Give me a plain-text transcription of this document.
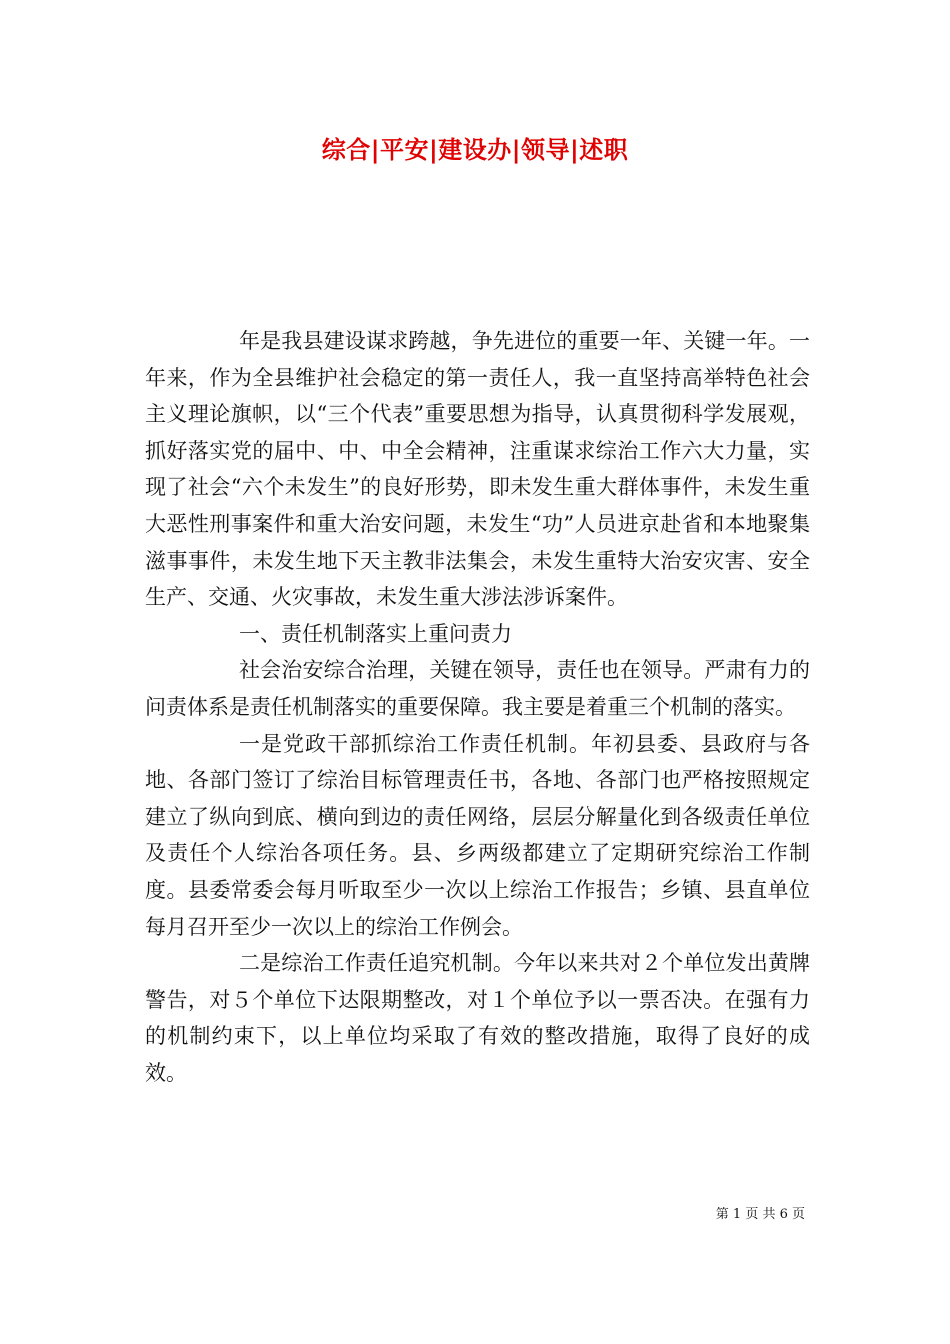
综合|平安|建设办|领导|述职

年是我县建设谋求跨越，争先进位的重要一年、关键一年。一年来，作为全县维护社会稳定的第一责任人，我一直坚持高举特色社会主义理论旗帜，以“三个代表”重要思想为指导，认真贯彻科学发展观，抓好落实党的届中、中、中全会精神，注重谋求综治工作六大力量，实现了社会“六个未发生”的良好形势，即未发生重大群体事件，未发生重大恶性刑事案件和重大治安问题，未发生“功”人员进京赴省和本地聚集滋事事件，未发生地下天主教非法集会，未发生重特大治安灾害、安全生产、交通、火灾事故，未发生重大涉法涉诉案件。

一、责任机制落实上重问责力

社会治安综合治理，关键在领导，责任也在领导。严肃有力的问责体系是责任机制落实的重要保障。我主要是着重三个机制的落实。

一是党政干部抓综治工作责任机制。年初县委、县政府与各地、各部门签订了综治目标管理责任书，各地、各部门也严格按照规定建立了纵向到底、横向到边的责任网络，层层分解量化到各级责任单位及责任个人综治各项任务。县、乡两级都建立了定期研究综治工作制度。县委常委会每月听取至少一次以上综治工作报告；乡镇、县直单位每月召开至少一次以上的综治工作例会。

二是综治工作责任追究机制。今年以来共对２个单位发出黄牌警告，对５个单位下达限期整改，对１个单位予以一票否决。在强有力的机制约束下，以上单位均采取了有效的整改措施，取得了良好的成效。

第 1 页 共 6 页
